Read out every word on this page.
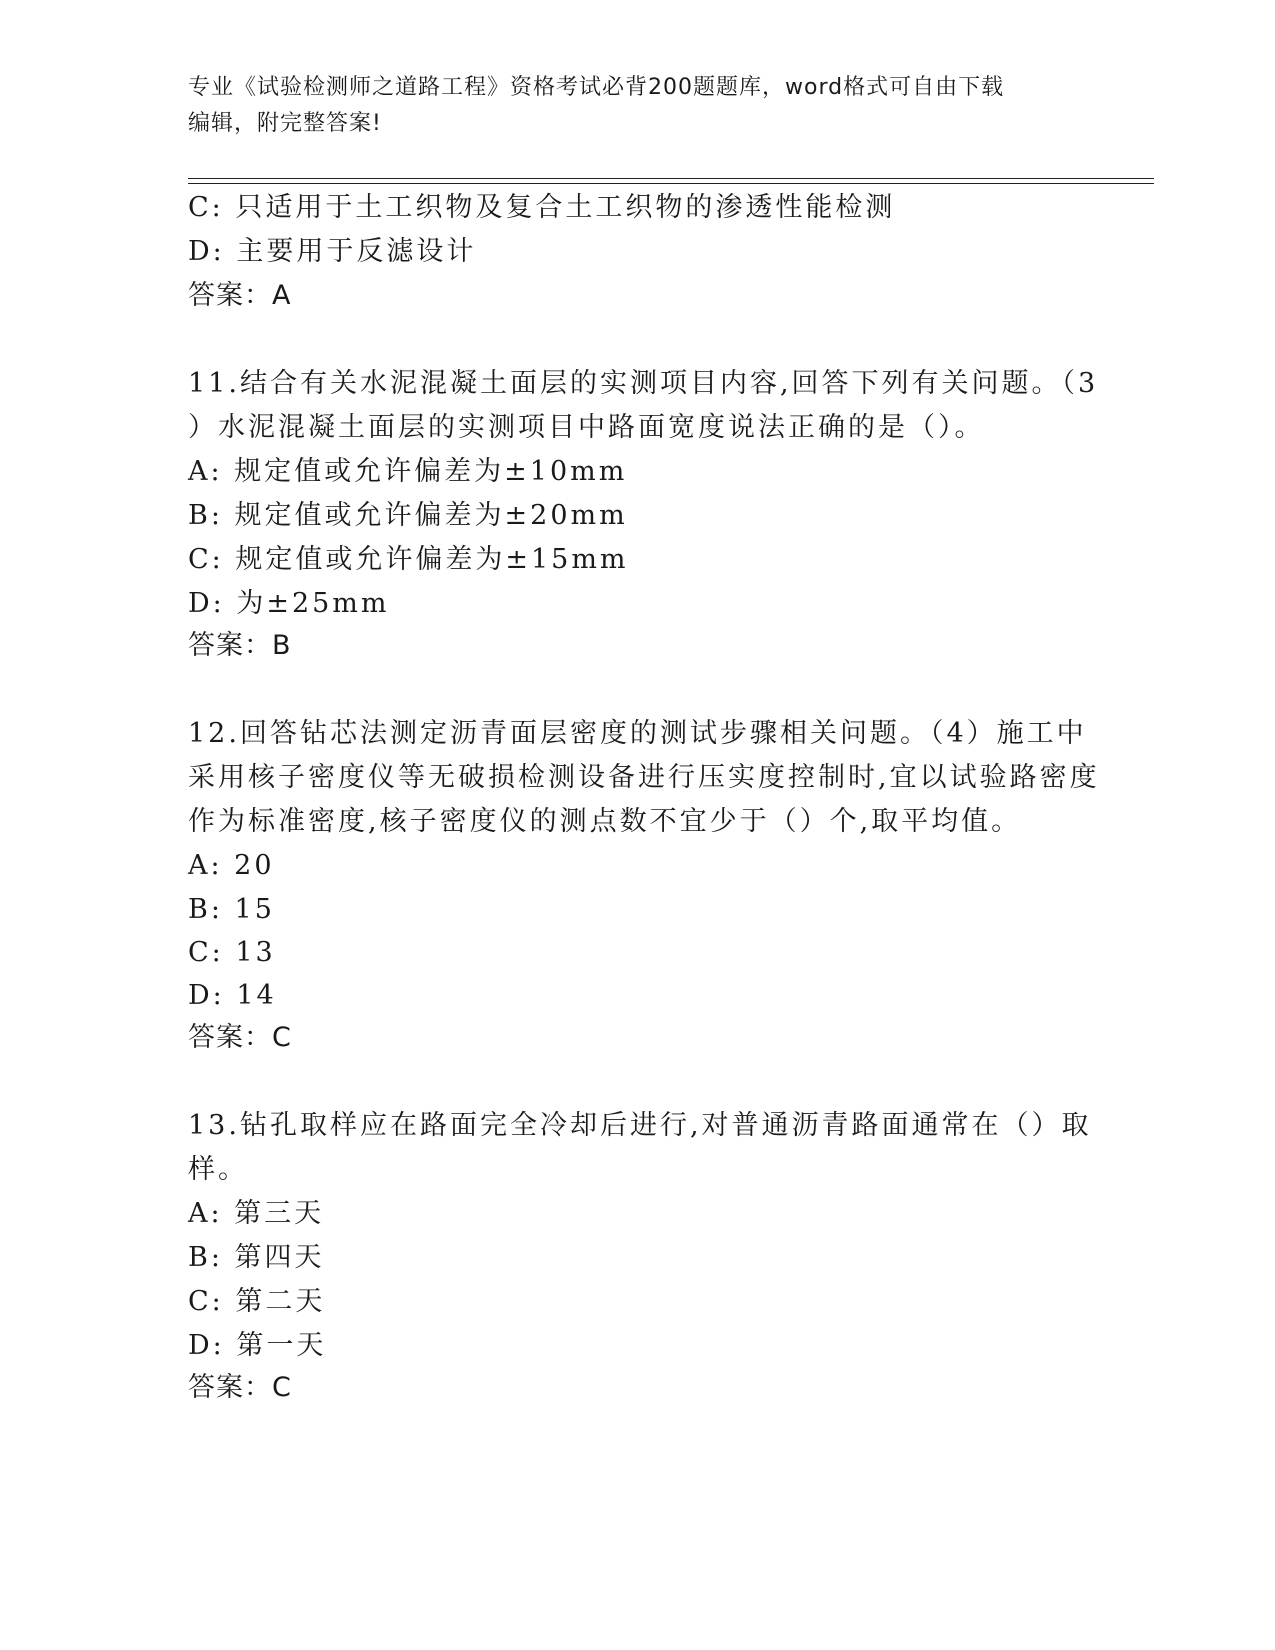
专业《试验检测师之道路工程》资格考试必背200题题库，word格式可自由下载
编辑，附完整答案!
C: 只适用于土工织物及复合土工织物的渗透性能检测
D: 主要用于反滤设计
答案：A
11.结合有关水泥混凝土面层的实测项目内容,回答下列有关问题。（3
）水泥混凝土面层的实测项目中路面宽度说法正确的是（）。
A: 规定值或允许偏差为±10mm
B: 规定值或允许偏差为±20mm
C: 规定值或允许偏差为±15mm
D: 为±25mm
答案：B
12.回答钻芯法测定沥青面层密度的测试步骤相关问题。（4）施工中
采用核子密度仪等无破损检测设备进行压实度控制时,宜以试验路密度
作为标准密度,核子密度仪的测点数不宜少于（）个,取平均值。
A: 20
B: 15
C: 13
D: 14
答案：C
13.钻孔取样应在路面完全冷却后进行,对普通沥青路面通常在（）取
样。
A: 第三天
B: 第四天
C: 第二天
D: 第一天
答案：C
